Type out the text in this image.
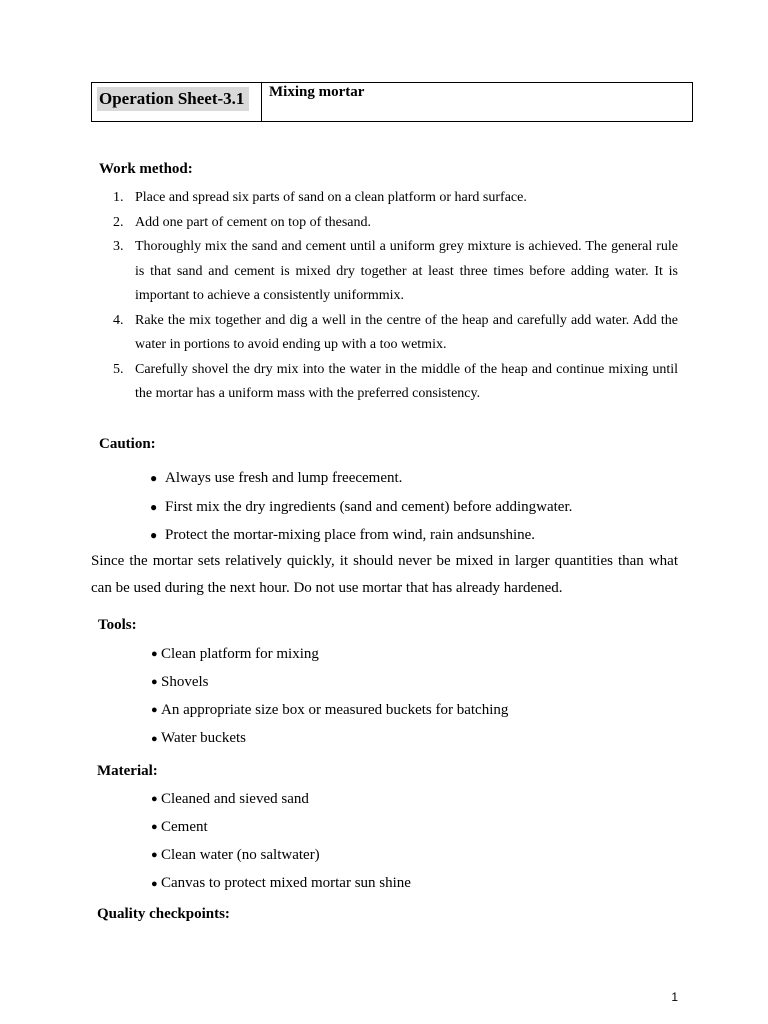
Operation Sheet-3.1	Mixing mortar
Work method:
1. Place and spread six parts of sand on a clean platform or hard surface.
2. Add one part of cement on top of thesand.
3. Thoroughly mix the sand and cement until a uniform grey mixture is achieved. The general rule is that sand and cement is mixed dry together at least three times before adding water. It is important to achieve a consistently uniformmix.
4. Rake the mix together and dig a well in the centre of the heap and carefully add water. Add the water in portions to avoid ending up with a too wetmix.
5. Carefully shovel the dry mix into the water in the middle of the heap and continue mixing until the mortar has a uniform mass with the preferred consistency.
Caution:
● Always use fresh and lump freecement.
● First mix the dry ingredients (sand and cement) before addingwater.
● Protect the mortar-mixing place from wind, rain andsunshine.
Since the mortar sets relatively quickly, it should never be mixed in larger quantities than what can be used during the next hour. Do not use mortar that has already hardened.
Tools:
● Clean platform for mixing
● Shovels
● An appropriate size box or measured buckets for batching
● Water buckets
Material:
● Cleaned and sieved sand
● Cement
● Clean water (no saltwater)
● Canvas to protect mixed mortar sun shine
Quality checkpoints:
1
